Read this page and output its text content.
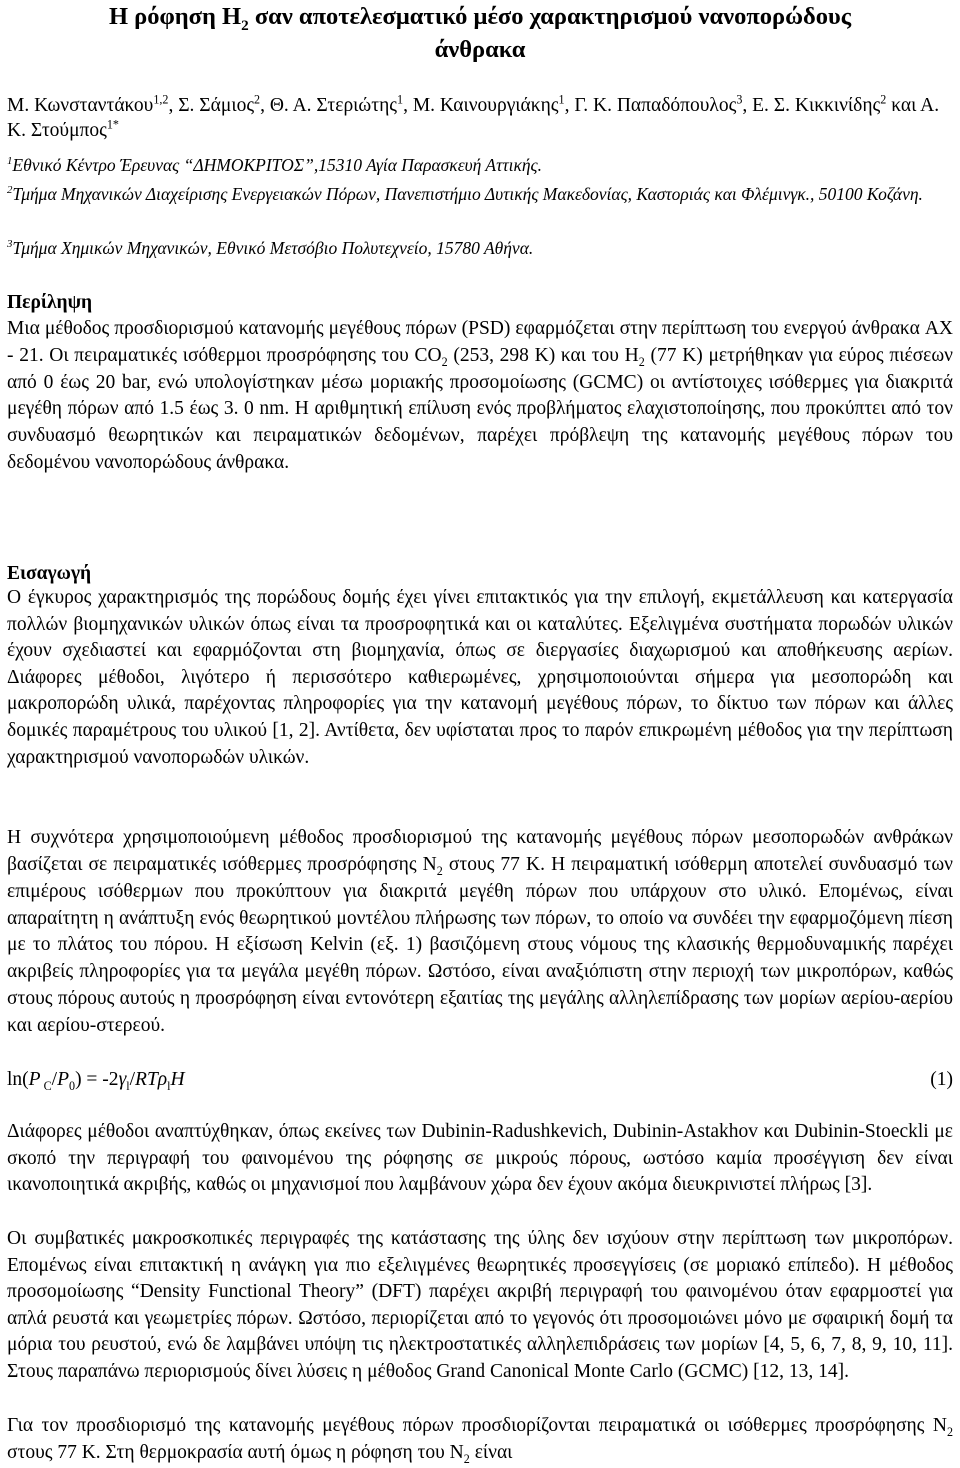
Η ρόφηση $H_2$ σαν αποτελεσματικό μέσο χαρακτηρισμού νανοπορώδους
άνθρακα
Μ. Κωνσταντάκου$^{1,2}$, Σ. Σάμιος$^2$, Θ. Α. Στεριώτης$^1$, Μ. Καινουργιάκης$^1$, Γ. Κ. Παπαδόπουλος$^3$, Ε. Σ. Κικκινίδης$^2$ και Α. Κ. Στούμπος$^{1*}$
$^1$Εθνικό Κέντρο Έρευνας “ΔΗΜΟΚΡΙΤΟΣ”,15310 Αγία Παρασκευή Αττικής.
$^2$Τμήμα Μηχανικών Διαχείρισης Ενεργειακών Πόρων, Πανεπιστήμιο Δυτικής Μακεδονίας, Καστοριάς και Φλέμινγκ., 50100 Κοζάνη.
$^3$Τμήμα Χημικών Μηχανικών, Εθνικό Μετσόβιο Πολυτεχνείο, 15780 Αθήνα.
Περίληψη
Μια μέθοδος προσδιορισμού κατανομής μεγέθους πόρων (PSD) εφαρμόζεται στην περίπτωση του ενεργού άνθρακα AX - 21. Οι πειραματικές ισόθερμοι προσρόφησης του $CO_2$ (253, 298 K) και του $H_2$ (77 K) μετρήθηκαν για εύρος πιέσεων από 0 έως 20 bar, ενώ υπολογίστηκαν μέσω μοριακής προσομοίωσης (GCMC) οι αντίστοιχες ισόθερμες για διακριτά μεγέθη πόρων από 1.5 έως 3. 0 nm. Η αριθμητική επίλυση ενός προβλήματος ελαχιστοποίησης, που προκύπτει από τον συνδυασμό θεωρητικών και πειραματικών δεδομένων, παρέχει πρόβλεψη της κατανομής μεγέθους πόρων του δεδομένου νανοπορώδους άνθρακα.
Εισαγωγή
Ο έγκυρος χαρακτηρισμός της πορώδους δομής έχει γίνει επιτακτικός για την επιλογή, εκμετάλλευση και κατεργασία πολλών βιομηχανικών υλικών όπως είναι τα προσροφητικά και οι καταλύτες. Εξελιγμένα συστήματα πορωδών υλικών έχουν σχεδιαστεί και εφαρμόζονται στη βιομηχανία, όπως σε διεργασίες διαχωρισμού και αποθήκευσης αερίων. Διάφορες μέθοδοι, λιγότερο ή περισσότερο καθιερωμένες, χρησιμοποιούνται σήμερα για μεσοπορώδη και μακροπορώδη υλικά, παρέχοντας πληροφορίες για την κατανομή μεγέθους πόρων, το δίκτυο των πόρων και άλλες δομικές παραμέτρους του υλικού [1, 2]. Αντίθετα, δεν υφίσταται προς το παρόν επικρωμένη μέθοδος για την περίπτωση χαρακτηρισμού νανοπορωδών υλικών.
Η συχνότερα χρησιμοποιούμενη μέθοδος προσδιορισμού της κατανομής μεγέθους πόρων μεσοπορωδών ανθράκων βασίζεται σε πειραματικές ισόθερμες προσρόφησης $N_2$ στους 77 K. Η πειραματική ισόθερμη αποτελεί συνδυασμό των επιμέρους ισόθερμων που προκύπτουν για διακριτά μεγέθη πόρων που υπάρχουν στο υλικό. Επομένως, είναι απαραίτητη η ανάπτυξη ενός θεωρητικού μοντέλου πλήρωσης των πόρων, το οποίο να συνδέει την εφαρμοζόμενη πίεση με το πλάτος του πόρου. Η εξίσωση Kelvin (εξ. 1) βασιζόμενη στους νόμους της κλασικής θερμοδυναμικής παρέχει ακριβείς πληροφορίες για τα μεγάλα μεγέθη πόρων. Ωστόσο, είναι αναξιόπιστη στην περιοχή των μικροπόρων, καθώς στους πόρους αυτούς η προσρόφηση είναι εντονότερη εξαιτίας της μεγάλης αλληλεπίδρασης των μορίων αερίου-αερίου και αερίου-στερεού.
ln(P $_C/P_0) = -2\gamma_l/RT\rho_lH$	(1)
Διάφορες μέθοδοι αναπτύχθηκαν, όπως εκείνες των Dubinin-Radushkevich, Dubinin-Astakhov και Dubinin-Stoeckli με σκοπό την περιγραφή του φαινομένου της ρόφησης σε μικρούς πόρους, ωστόσο καμία προσέγγιση δεν είναι ικανοποιητικά ακριβής, καθώς οι μηχανισμοί που λαμβάνουν χώρα δεν έχουν ακόμα διευκρινιστεί πλήρως [3].
Οι συμβατικές μακροσκοπικές περιγραφές της κατάστασης της ύλης δεν ισχύουν στην περίπτωση των μικροπόρων. Επομένως είναι επιτακτική η ανάγκη για πιο εξελιγμένες θεωρητικές προσεγγίσεις (σε μοριακό επίπεδο). Η μέθοδος προσομοίωσης “Density Functional Theory” (DFT) παρέχει ακριβή περιγραφή του φαινομένου όταν εφαρμοστεί για απλά ρευστά και γεωμετρίες πόρων. Ωστόσο, περιορίζεται από το γεγονός ότι προσομοιώνει μόνο με σφαιρική δομή τα μόρια του ρευστού, ενώ δε λαμβάνει υπόψη τις ηλεκτροστατικές αλληλεπιδράσεις των μορίων [4, 5, 6, 7, 8, 9, 10, 11]. Στους παραπάνω περιορισμούς δίνει λύσεις η μέθοδος Grand Canonical Monte Carlo (GCMC) [12, 13, 14].
Για τον προσδιορισμό της κατανομής μεγέθους πόρων προσδιορίζονται πειραματικά οι ισόθερμες προσρόφησης $N_2$ στους 77 K. Στη θερμοκρασία αυτή όμως η ρόφηση του $N_2$ είναι
